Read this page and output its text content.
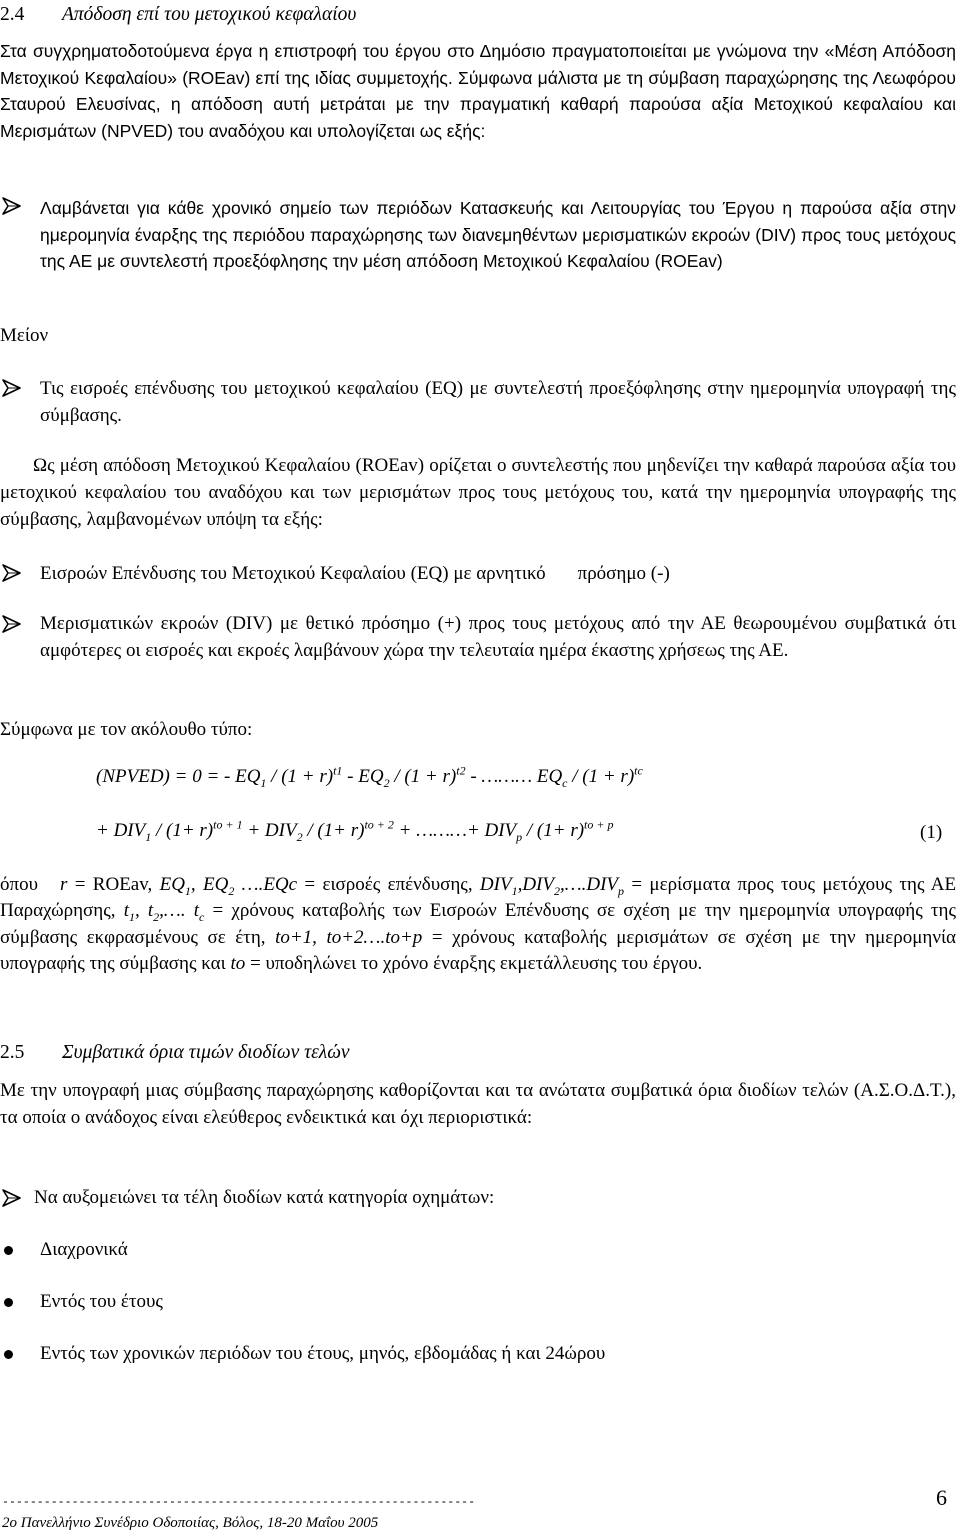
2.4 Απόδοση επί του μετοχικού κεφαλαίου
Στα συγχρηματοδοτούμενα έργα η επιστροφή του έργου στο Δημόσιο πραγματοποιείται με γνώμονα την «Μέση Απόδοση Μετοχικού Κεφαλαίου» (ROEav) επί της ιδίας συμμετοχής. Σύμφωνα μάλιστα με τη σύμβαση παραχώρησης της Λεωφόρου Σταυρού Ελευσίνας, η απόδοση αυτή μετράται με την πραγματική καθαρή παρούσα αξία Μετοχικού κεφαλαίου και Μερισμάτων (NPVED) του αναδόχου και υπολογίζεται ως εξής:
Λαμβάνεται για κάθε χρονικό σημείο των περιόδων Κατασκευής και Λειτουργίας του Έργου η παρούσα αξία στην ημερομηνία έναρξης της περιόδου παραχώρησης των διανεμηθέντων μερισματικών εκροών (DIV) προς τους μετόχους της ΑΕ με συντελεστή προεξόφλησης την μέση απόδοση Μετοχικού Κεφαλαίου (ROEav)
Μείον
Τις εισροές επένδυσης του μετοχικού κεφαλαίου (EQ) με συντελεστή προεξόφλησης στην ημερομηνία υπογραφή της σύμβασης.
Ως μέση απόδοση Μετοχικού Κεφαλαίου (ROEav) ορίζεται ο συντελεστής που μηδενίζει την καθαρά παρούσα αξία του μετοχικού κεφαλαίου του αναδόχου και των μερισμάτων προς τους μετόχους του, κατά την ημερομηνία υπογραφής της σύμβασης, λαμβανομένων υπόψη τα εξής:
Εισροών Επένδυσης του Μετοχικού Κεφαλαίου (EQ) με αρνητικό πρόσημο (-)
Μερισματικών εκροών (DIV) με θετικό πρόσημο (+) προς τους μετόχους από την ΑΕ θεωρουμένου συμβατικά ότι αμφότερες οι εισροές και εκροές λαμβάνουν χώρα την τελευταία ημέρα έκαστης χρήσεως της ΑΕ.
Σύμφωνα με τον ακόλουθο τύπο:
(NPVED) = 0 = - $EQ_1 / (1 + r)^{t1} - EQ_2 / (1 + r)^{t2}$ - ……… $EQ_c / (1 + r)^{tc}$
+ $DIV_1 / (1+ r)^{to + 1} + DIV_2 / (1+ r)^{to + 2}$ + ………+ $DIV_p / (1+ r)^{to + p}$	(1)
όπου r = ROEav, $EQ_1$, $EQ_2$ ….EQc = εισροές επένδυσης, $DIV_1,DIV_2,\dots.DIV_p = \mu\varepsilon\rho ί\sigma\mu\alpha\tau\alpha$ προς τους μετόχους της ΑΕ Παραχώρησης, $t_1$, $t_2,\dots$. $t_c = \chi\rho ό\nu o\upsilon\varsigma$ καταβολής των Εισροών Επένδυσης σε σχέση με την ημερομηνία υπογραφής της σύμβασης εκφρασμένους σε έτη, to+1, to+2….to+p = χρόνους καταβολής μερισμάτων σε σχέση με την ημερομηνία υπογραφής της σύμβασης και to = υποδηλώνει το χρόνο έναρξης εκμετάλλευσης του έργου.
2.5 Συμβατικά όρια τιμών διοδίων τελών
Με την υπογραφή μιας σύμβασης παραχώρησης καθορίζονται και τα ανώτατα συμβατικά όρια διοδίων τελών (Α.Σ.Ο.Δ.Τ.), τα οποία ο ανάδοχος είναι ελεύθερος ενδεικτικά και όχι περιοριστικά:
Να αυξομειώνει τα τέλη διοδίων κατά κατηγορία οχημάτων:
Διαχρονικά
Εντός του έτους
Εντός των χρονικών περιόδων του έτους, μηνός, εβδομάδας ή και 24ώρου
--------------------------------------------------------------------
2ο Πανελλήνιο Συνέδριο Οδοποιίας, Βόλος, 18-20 Μαΐου 2005
6
